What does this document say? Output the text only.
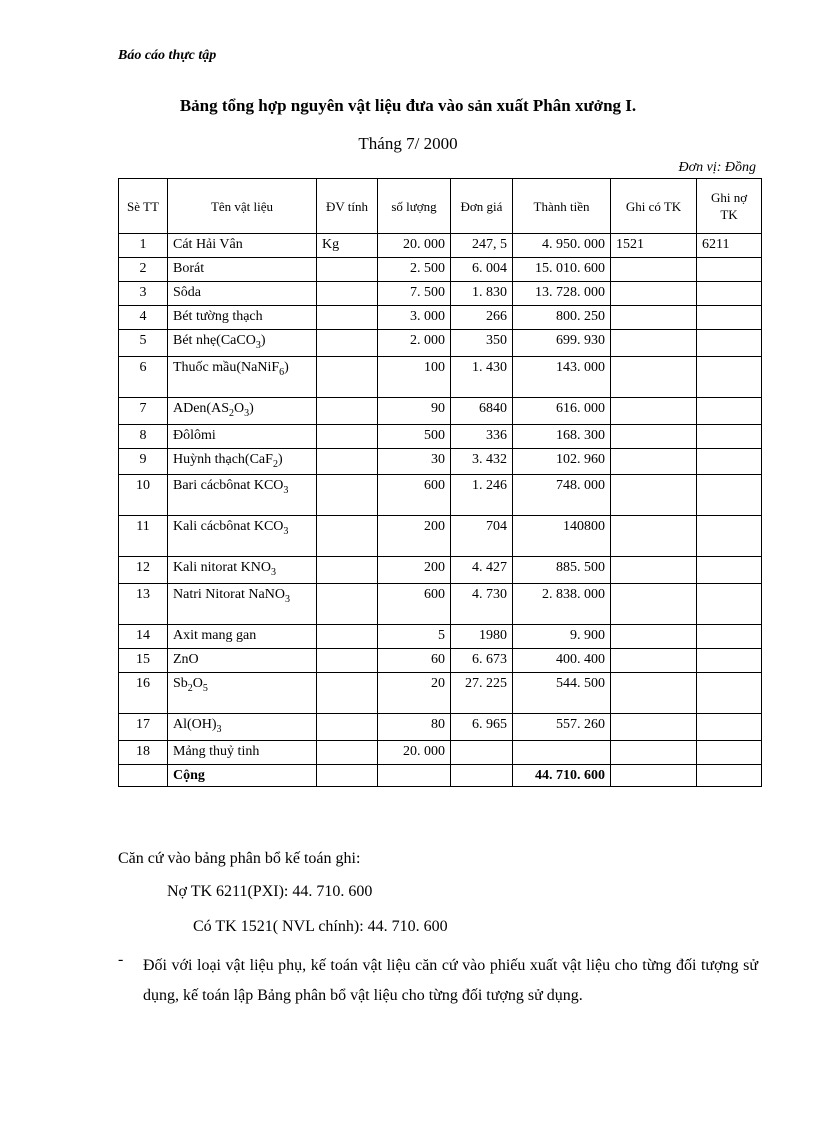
Báo cáo thực tập
Bảng tổng hợp nguyên vật liệu đưa vào sản xuất Phân xưởng I.
Tháng 7/ 2000
Đơn vị: Đồng
Sè TT	Tên vật liệu	ĐV tính	số lượng	Đơn giá	Thành tiền	Ghi có TK	Ghi nợ TK
1	Cát Hải Vân	Kg	20. 000	247, 5	4. 950. 000	1521	6211
2	Borát		2. 500	6. 004	15. 010. 600		
3	Sôda		7. 500	1. 830	13. 728. 000		
4	Bét tường thạch		3. 000	266	800. 250		
5	Bét nhẹ(CaCO$_3$)		2. 000	350	699. 930		
6	Thuốc mầu(NaNiF$_6$)		100	1. 430	143. 000		
7	$ADen(AS_2O_3)$		90	6840	616. 000		
8	Đôlômi		500	336	168. 300		
9	Huỳnh thạch(CaF$_2$)		30	3. 432	102. 960		
10	Bari cácbônat $KCO_3$		600	1. 246	748. 000		
11	Kali cácbônat $KCO_3$		200	704	140800		
12	Kali nitorat $KNO_3$		200	4. 427	885. 500		
13	Natri Nitorat NaNO$_3$		600	4. 730	2. 838. 000		
14	Axit mang gan		5	1980	9. 900		
15	ZnO		60	6. 673	400. 400		
16	$Sb_2O_5$		20	27. 225	544. 500		
17	$Al(OH)_3$		80	6. 965	557. 260		
18	Mảng thuỷ tinh		20. 000				
	Cộng				44. 710. 600		
Căn cứ vào bảng phân bổ kế toán ghi:
Nợ TK 6211(PXI): 44. 710. 600
Có TK 1521( NVL chính): 44. 710. 600
- Đối với loại vật liệu phụ, kế toán vật liệu căn cứ vào phiếu xuất vật liệu cho từng đối tượng sử dụng, kế toán lập Bảng phân bổ vật liệu cho từng đối tượng sử dụng.
